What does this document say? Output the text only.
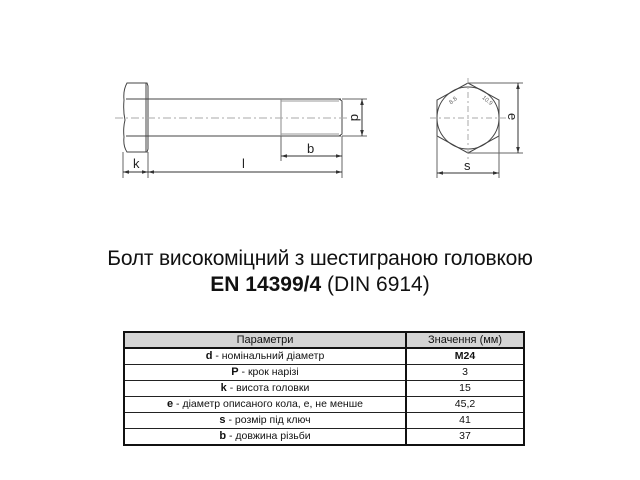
k	l
b
d
s
e
8.8	10.9
Болт високоміцний з шестиграною головкою
EN 14399/4 (DIN 6914)
Параметри	Значення (мм)
d - номінальний діаметр	M24
P - крок нарізі	3
k - висота головки	15
e - діаметр описаного кола, е, не менше	45,2
s - розмір під ключ	41
b - довжина різьби	37
